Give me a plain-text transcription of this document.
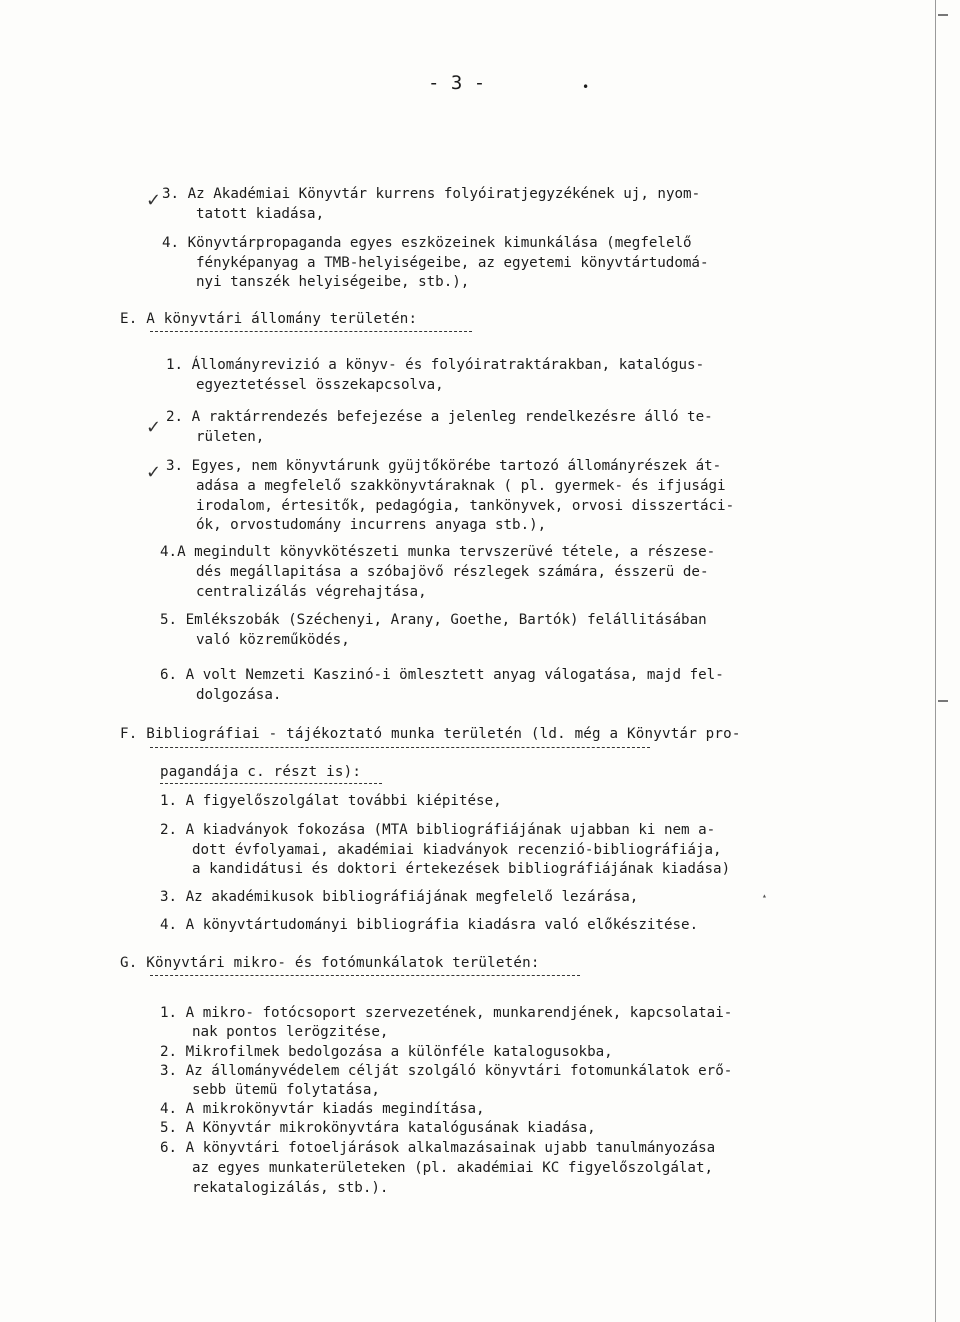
- 3 -	•
✓ 3. Az Akadémiai Könyvtár kurrens folyóiratjegyzékének uj, nyom-
tatott kiadása,
4. Könyvtárpropaganda egyes eszközeinek kimunkálása (megfelelő
fényképanyag a TMB-helyiségeibe, az egyetemi könyvtártudomá-
nyi tanszék helyiségeibe, stb.),
E. A könyvtári állomány területén:
1. Állományrevizió a könyv- és folyóiratraktárakban, katalógus-
egyeztetéssel összekapcsolva,
✓ 2. A raktárrendezés befejezése a jelenleg rendelkezésre álló te-
rületen,
✓ 3. Egyes, nem könyvtárunk gyüjtőkörébe tartozó állományrészek át-
adása a megfelelő szakkönyvtáraknak ( pl. gyermek- és ifjusági
irodalom, értesitők, pedagógia, tankönyvek, orvosi disszertáci-
ók, orvostudomány incurrens anyaga stb.),
4.A megindult könyvkötészeti munka tervszerüvé tétele, a részese-
dés megállapitása a szóbajövő részlegek számára, ésszerü de-
centralizálás végrehajtása,
5. Emlékszobák (Széchenyi, Arany, Goethe, Bartók) felállitásában
való közreműködés,
6. A volt Nemzeti Kaszinó-i ömlesztett anyag válogatása, majd fel-
dolgozása.
F. Bibliográfiai - tájékoztató munka területén (ld. még a Könyvtár pro-
pagandája c. részt is):
1. A figyelőszolgálat további kiépitése,
2. A kiadványok fokozása (MTA bibliográfiájának ujabban ki nem a-
dott évfolyamai, akadémiai kiadványok recenzió-bibliográfiája,
a kandidátusi és doktori értekezések bibliográfiájának kiadása)
3. Az akadémikusok bibliográfiájának megfelelő lezárása,	▴
4. A könyvtártudományi bibliográfia kiadásra való előkészitése.
G. Könyvtári mikro- és fotómunkálatok területén:
1. A mikro- fotócsoport szervezetének, munkarendjének, kapcsolatai-
nak pontos lerögzitése,
2. Mikrofilmek bedolgozása a különféle katalogusokba,
3. Az állományvédelem célját szolgáló könyvtári fotomunkálatok erő-
sebb ütemü folytatása,
4. A mikrokönyvtár kiadás megindítása,
5. A Könyvtár mikrokönyvtára katalógusának kiadása,
6. A könyvtári fotoeljárások alkalmazásainak ujabb tanulmányozása
az egyes munkaterületeken (pl. akadémiai KC figyelőszolgálat,
rekatalogizálás, stb.).
